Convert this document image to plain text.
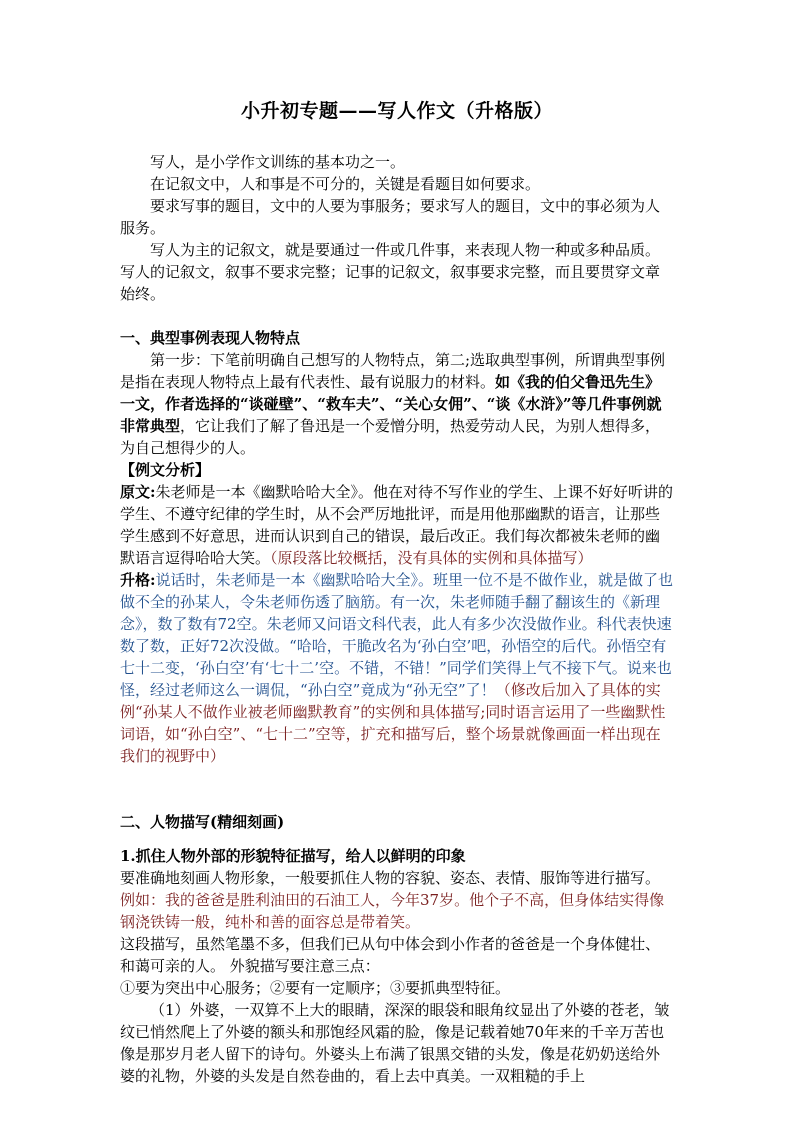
小升初专题——写人作文（升格版）

写人，是小学作文训练的基本功之一。

在记叙文中，人和事是不可分的，关键是看题目如何要求。

要求写事的题目，文中的人要为事服务；要求写人的题目，文中的事必须为人服务。

写人为主的记叙文，就是要通过一件或几件事，来表现人物一种或多种品质。写人的记叙文，叙事不要求完整；记事的记叙文，叙事要求完整，而且要贯穿文章始终。

一、典型事例表现人物特点

第一步：下笔前明确自己想写的人物特点，第二;选取典型事例，所谓典型事例是指在表现人物特点上最有代表性、最有说服力的材料。如《我的伯父鲁迅先生》一文，作者选择的“谈碰壁”、“救车夫”、“关心女佣”、“谈《水浒》”等几件事例就非常典型，它让我们了解了鲁迅是一个爱憎分明，热爱劳动人民，为别人想得多，为自己想得少的人。

【例文分析】

原文:朱老师是一本《幽默哈哈大全》。他在对待不写作业的学生、上课不好好听讲的学生、不遵守纪律的学生时，从不会严厉地批评，而是用他那幽默的语言，让那些学生感到不好意思，进而认识到自己的错误，最后改正。我们每次都被朱老师的幽默语言逗得哈哈大笑。（原段落比较概括，没有具体的实例和具体描写）

升格:说话时，朱老师是一本《幽默哈哈大全》。班里一位不是不做作业，就是做了也做不全的孙某人，令朱老师伤透了脑筋。有一次，朱老师随手翻了翻该生的《新理念》，数了数有72空。朱老师又问语文科代表，此人有多少次没做作业。科代表快速数了数，正好72次没做。“哈哈，干脆改名为‘孙白空’吧，孙悟空的后代。孙悟空有七十二变，‘孙白空’有‘七十二’空。不错，不错！”同学们笑得上气不接下气。说来也怪，经过老师这么一调侃，“孙白空”竟成为“孙无空”了！（修改后加入了具体的实例“孙某人不做作业被老师幽默教育”的实例和具体描写;同时语言运用了一些幽默性词语，如“孙白空”、“七十二”空等，扩充和描写后，整个场景就像画面一样出现在我们的视野中）

二、人物描写(精细刻画)

1.抓住人物外部的形貌特征描写，给人以鲜明的印象

要准确地刻画人物形象，一般要抓住人物的容貌、姿态、表情、服饰等进行描写。

例如：我的爸爸是胜利油田的石油工人，今年37岁。他个子不高，但身体结实得像钢浇铁铸一般，纯朴和善的面容总是带着笑。

这段描写，虽然笔墨不多，但我们已从句中体会到小作者的爸爸是一个身体健壮、和蔼可亲的人。 外貌描写要注意三点：

①要为突出中心服务；②要有一定顺序；③要抓典型特征。

（1）外婆，一双算不上大的眼睛，深深的眼袋和眼角纹显出了外婆的苍老，皱纹已悄然爬上了外婆的额头和那饱经风霜的脸，像是记载着她70年来的千辛万苦也像是那岁月老人留下的诗句。外婆头上布满了银黑交错的头发，像是花奶奶送给外婆的礼物，外婆的头发是自然卷曲的，看上去中真美。一双粗糙的手上
